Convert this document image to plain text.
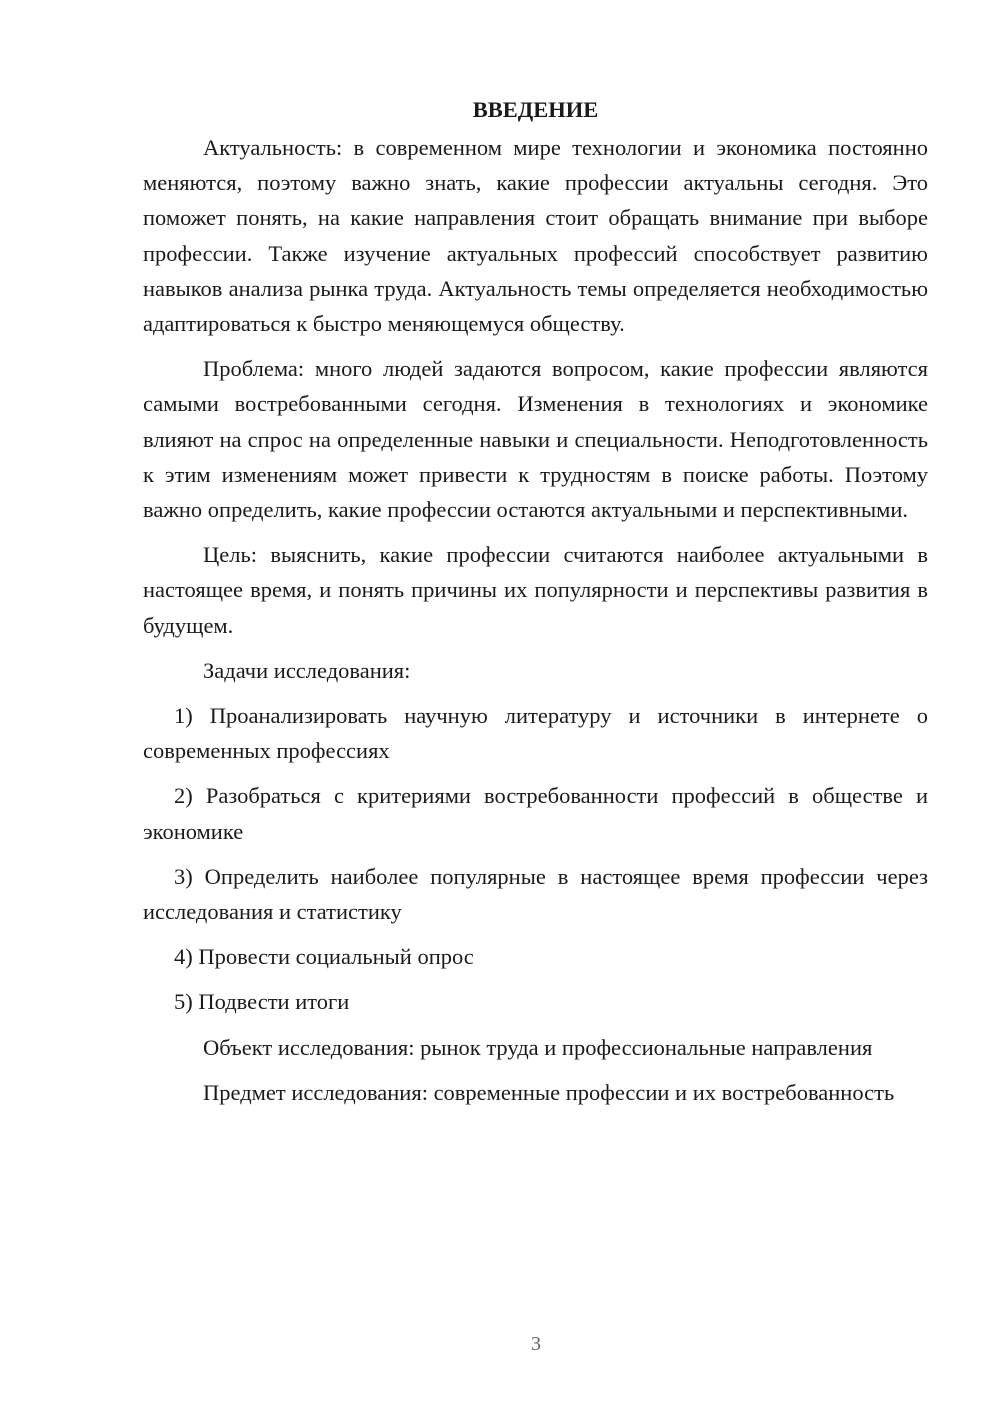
ВВЕДЕНИЕ

Актуальность: в современном мире технологии и экономика постоянно меняются, поэтому важно знать, какие профессии актуальны сегодня. Это поможет понять, на какие направления стоит обращать внимание при выборе профессии. Также изучение актуальных профессий способствует развитию навыков анализа рынка труда. Актуальность темы определяется необходимостью адаптироваться к быстро меняющемуся обществу.

Проблема: много людей задаются вопросом, какие профессии являются самыми востребованными сегодня. Изменения в технологиях и экономике влияют на спрос на определенные навыки и специальности. Неподготовленность к этим изменениям может привести к трудностям в поиске работы. Поэтому важно определить, какие профессии остаются актуальными и перспективными.

Цель: выяснить, какие профессии считаются наиболее актуальными в настоящее время, и понять причины их популярности и перспективы развития в будущем.

Задачи исследования:

1) Проанализировать научную литературу и источники в интернете о современных профессиях

2) Разобраться с критериями востребованности профессий в обществе и экономике

3) Определить наиболее популярные в настоящее время профессии через исследования и статистику

4) Провести социальный опрос

5) Подвести итоги

Объект исследования: рынок труда и профессиональные направления

Предмет исследования: современные профессии и их востребованность

3
